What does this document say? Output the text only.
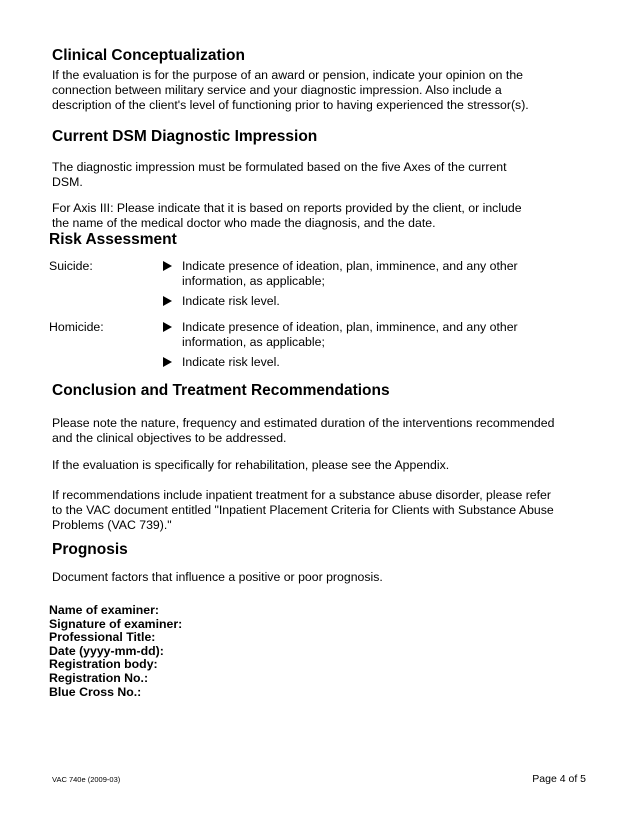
Clinical Conceptualization
If the evaluation is for the purpose of an award or pension, indicate your opinion on the
connection between military service and your diagnostic impression. Also include a
description of the client's level of functioning prior to having experienced the stressor(s).
Current DSM Diagnostic Impression
The diagnostic impression must be formulated based on the five Axes of the current
DSM.
For Axis III: Please indicate that it is based on reports provided by the client, or include
the name of the medical doctor who made the diagnosis, and the date.
Risk Assessment
Suicide:	Indicate presence of ideation, plan, imminence, and any other
information, as applicable;
Indicate risk level.
Homicide:	Indicate presence of ideation, plan, imminence, and any other
information, as applicable;
Indicate risk level.
Conclusion and Treatment Recommendations
Please note the nature, frequency and estimated duration of the interventions recommended
and the clinical objectives to be addressed.
If the evaluation is specifically for rehabilitation, please see the Appendix.
If recommendations include inpatient treatment for a substance abuse disorder, please refer
to the VAC document entitled "Inpatient Placement Criteria for Clients with Substance Abuse
Problems (VAC 739)."
Prognosis
Document factors that influence a positive or poor prognosis.
Name of examiner:
Signature of examiner:
Professional Title:
Date (yyyy-mm-dd):
Registration body:
Registration No.:
Blue Cross No.:
VAC 740e (2009-03)	Page 4 of 5
